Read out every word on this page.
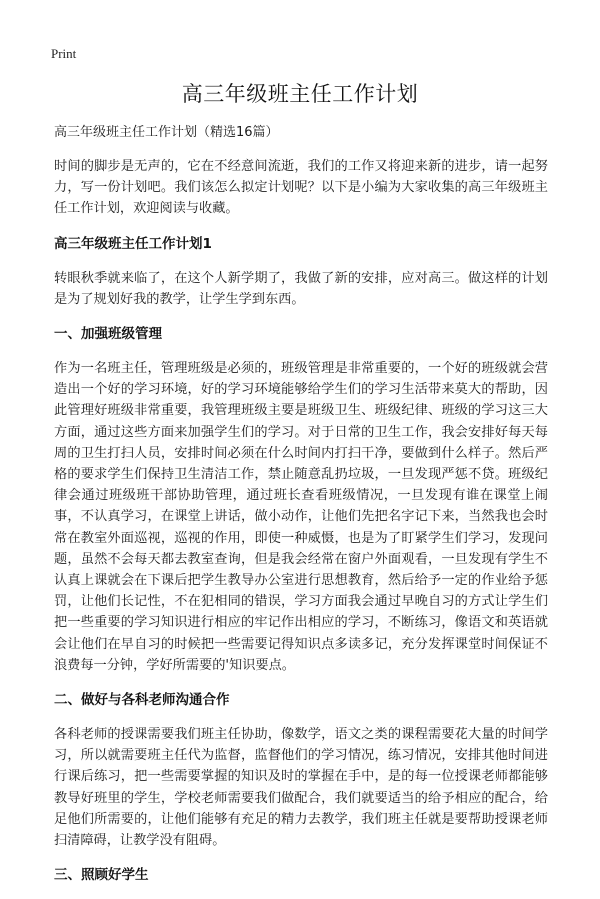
Print
高三年级班主任工作计划
高三年级班主任工作计划（精选16篇）

时间的脚步是无声的，它在不经意间流逝，我们的工作又将迎来新的进步，请一起努力，写一份计划吧。我们该怎么拟定计划呢？以下是小编为大家收集的高三年级班主任工作计划，欢迎阅读与收藏。

高三年级班主任工作计划1

转眼秋季就来临了，在这个人新学期了，我做了新的安排，应对高三。做这样的计划是为了规划好我的教学，让学生学到东西。

一、加强班级管理

作为一名班主任，管理班级是必须的，班级管理是非常重要的，一个好的班级就会营造出一个好的学习环境，好的学习环境能够给学生们的学习生活带来莫大的帮助，因此管理好班级非常重要，我管理班级主要是班级卫生、班级纪律、班级的学习这三大方面，通过这些方面来加强学生们的学习。对于日常的卫生工作，我会安排好每天每周的卫生打扫人员，安排时间必须在什么时间内打扫干净，要做到什么样子。然后严格的要求学生们保持卫生清洁工作，禁止随意乱扔垃圾，一旦发现严惩不贷。班级纪律会通过班级班干部协助管理，通过班长查看班级情况，一旦发现有谁在课堂上闹事，不认真学习，在课堂上讲话，做小动作，让他们先把名字记下来，当然我也会时常在教室外面巡视，巡视的作用，即使一种威慑，也是为了盯紧学生们学习，发现问题，虽然不会每天都去教室查询，但是我会经常在窗户外面观看，一旦发现有学生不认真上课就会在下课后把学生教导办公室进行思想教育，然后给予一定的作业给予惩罚，让他们长记性，不在犯相同的错误，学习方面我会通过早晚自习的方式让学生们把一些重要的学习知识进行相应的牢记作出相应的学习，不断练习，像语文和英语就会让他们在早自习的时候把一些需要记得知识点多读多记，充分发挥课堂时间保证不浪费每一分钟，学好所需要的'知识要点。

二、做好与各科老师沟通合作

各科老师的授课需要我们班主任协助，像数学，语文之类的课程需要花大量的时间学习，所以就需要班主任代为监督，监督他们的学习情况，练习情况，安排其他时间进行课后练习，把一些需要掌握的知识及时的掌握在手中，是的每一位授课老师都能够教导好班里的学生，学校老师需要我们做配合，我们就要适当的给予相应的配合，给足他们所需要的，让他们能够有充足的精力去教学，我们班主任就是要帮助授课老师扫清障碍，让教学没有阻碍。

三、照顾好学生
